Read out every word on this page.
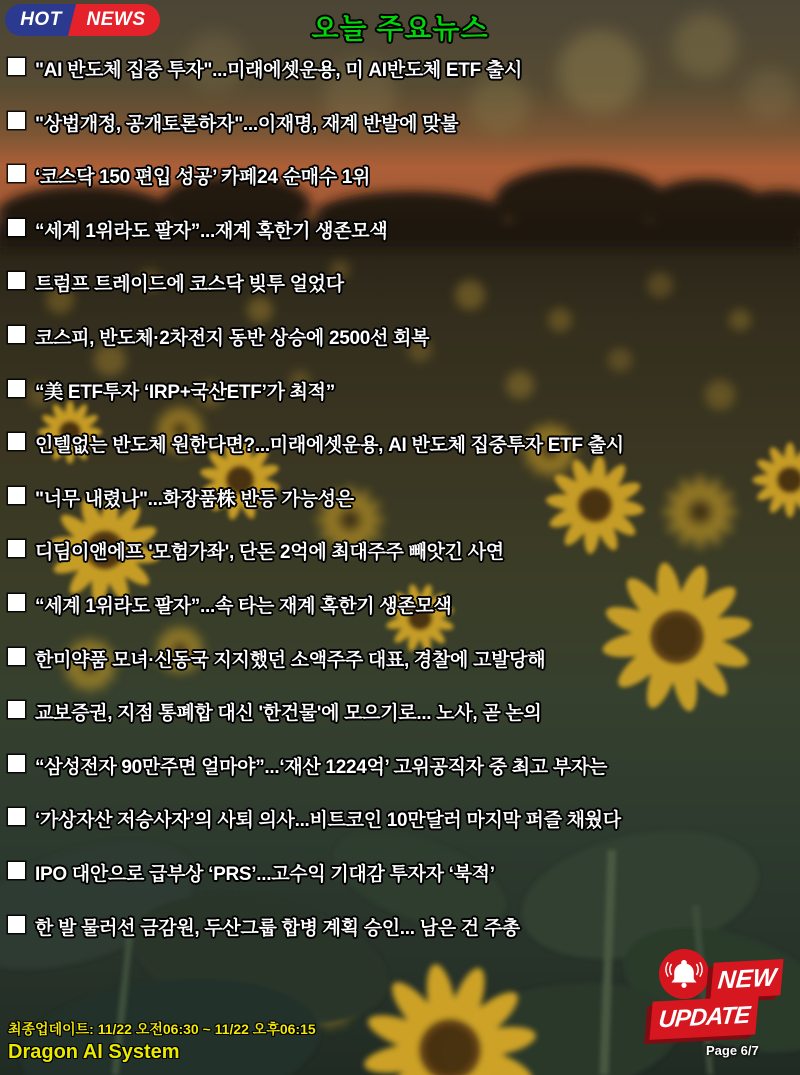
HOT	NEWS	오늘 주요뉴스
"AI 반도체 집중 투자"...미래에셋운용, 미 AI반도체 ETF 출시
"상법개정, 공개토론하자"...이재명, 재계 반발에 맞불
‘코스닥 150 편입 성공’ 카페24 순매수 1위
“세계 1위라도 팔자”...재계 혹한기 생존모색
트럼프 트레이드에 코스닥 빚투 얼었다
코스피, 반도체·2차전지 동반 상승에 2500선 회복
“美 ETF투자 ‘IRP+국산ETF’가 최적”
인텔없는 반도체 원한다면?...미래에셋운용, AI 반도체 집중투자 ETF 출시
"너무 내렸나"...화장품株 반등 가능성은
디딤이앤에프 '모험가좌', 단돈 2억에 최대주주 빼앗긴 사연
“세계 1위라도 팔자”...속 타는 재계 혹한기 생존모색
한미약품 모녀·신동국 지지했던 소액주주 대표, 경찰에 고발당해
교보증권, 지점 통폐합 대신 '한건물'에 모으기로... 노사, 곧 논의
“삼성전자 90만주면 얼마야”...‘재산 1224억’ 고위공직자 중 최고 부자는
‘가상자산 저승사자’의 사퇴 의사...비트코인 10만달러 마지막 퍼즐 채웠다
IPO 대안으로 급부상 ‘PRS’...고수익 기대감 투자자 ‘북적’
한 발 물러선 금감원, 두산그룹 합병 계획 승인... 남은 건 주총
최종업데이트: 11/22 오전06:30 ~ 11/22 오후06:15
Dragon AI System	Page 6/7
NEW
UPDATE
